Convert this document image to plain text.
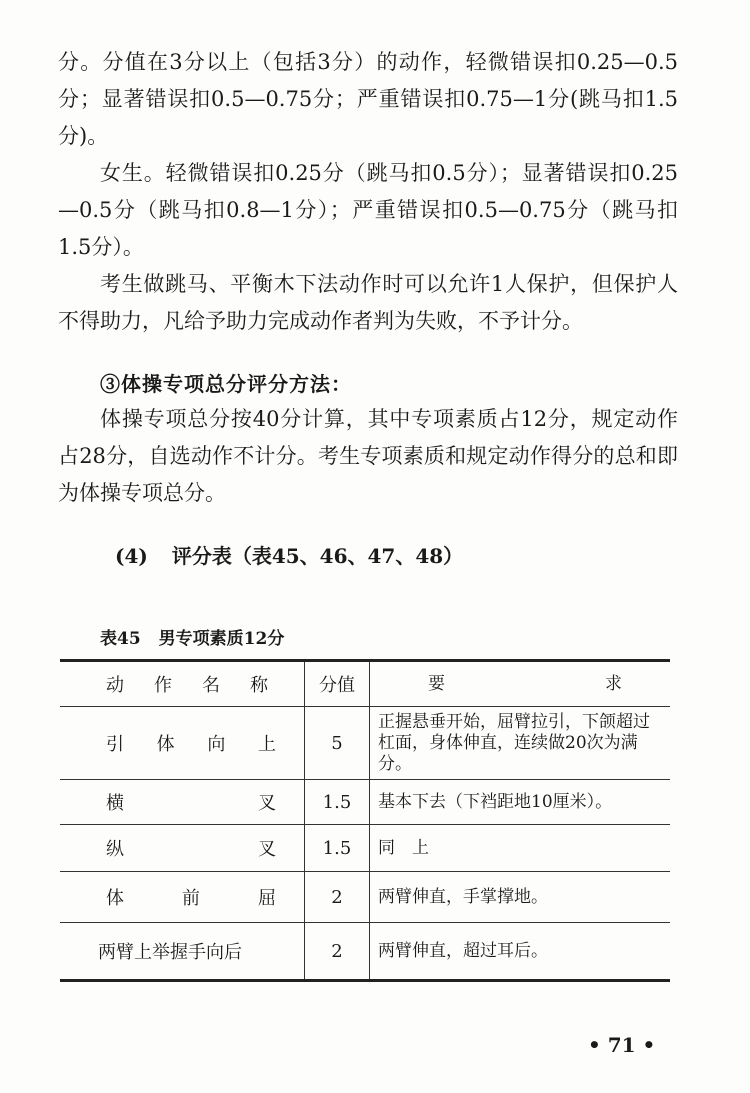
分。分值在3分以上（包括3分）的动作，轻微错误扣0.25—0.5分；显著错误扣0.5—0.75分；严重错误扣0.75—1分(跳马扣1.5分)。

女生。轻微错误扣0.25分（跳马扣0.5分）；显著错误扣0.25—0.5分（跳马扣0.8—1分）；严重错误扣0.5—0.75分（跳马扣1.5分）。

考生做跳马、平衡木下法动作时可以允许1人保护，但保护人不得助力，凡给予助力完成动作者判为失败，不予计分。

③体操专项总分评分方法：

体操专项总分按40分计算，其中专项素质占12分，规定动作占28分，自选动作不计分。考生专项素质和规定动作得分的总和即为体操专项总分。

(4) 评分表（表45、46、47、48）
表45 男专项素质12分
动 作 名 称	分值	要 求

引 体 向 上	5	正握悬垂开始，屈臂拉引，下颌超过杠面，身体伸直，连续做20次为满分。

横 叉	1.5	基本下去（下裆距地10厘米）。

纵 叉	1.5	同　上

体 前 屈	2	两臂伸直，手掌撑地。
两臂上举握手向后	2	两臂伸直，超过耳后。
• 71 •
